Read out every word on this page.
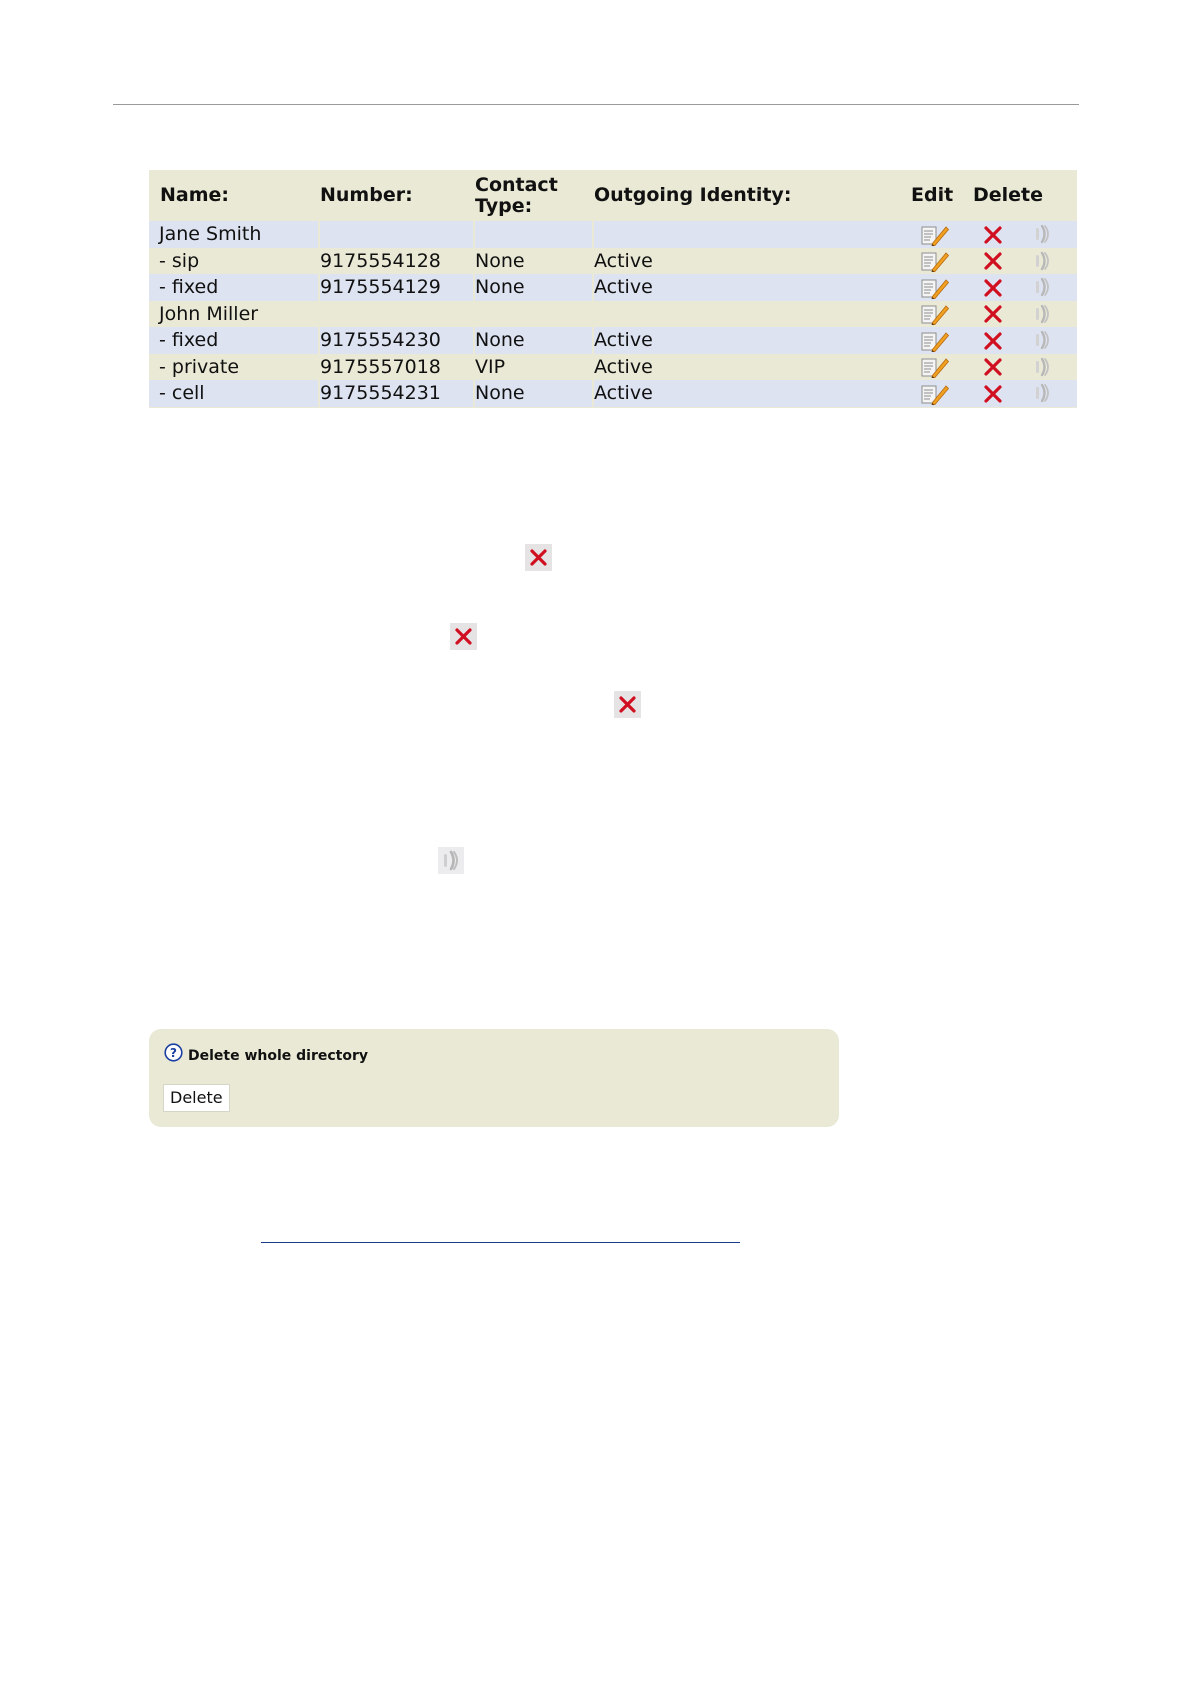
Name:	Number:	Contact Type:	Outgoing Identity:	Edit	Delete	
Jane Smith						
- sip	9175554128	None	Active			
- fixed	9175554129	None	Active			
John Miller						
- fixed	9175554230	None	Active			
- private	9175557018	VIP	Active			
- cell	9175554231	None	Active			
? Delete whole directory
Delete
